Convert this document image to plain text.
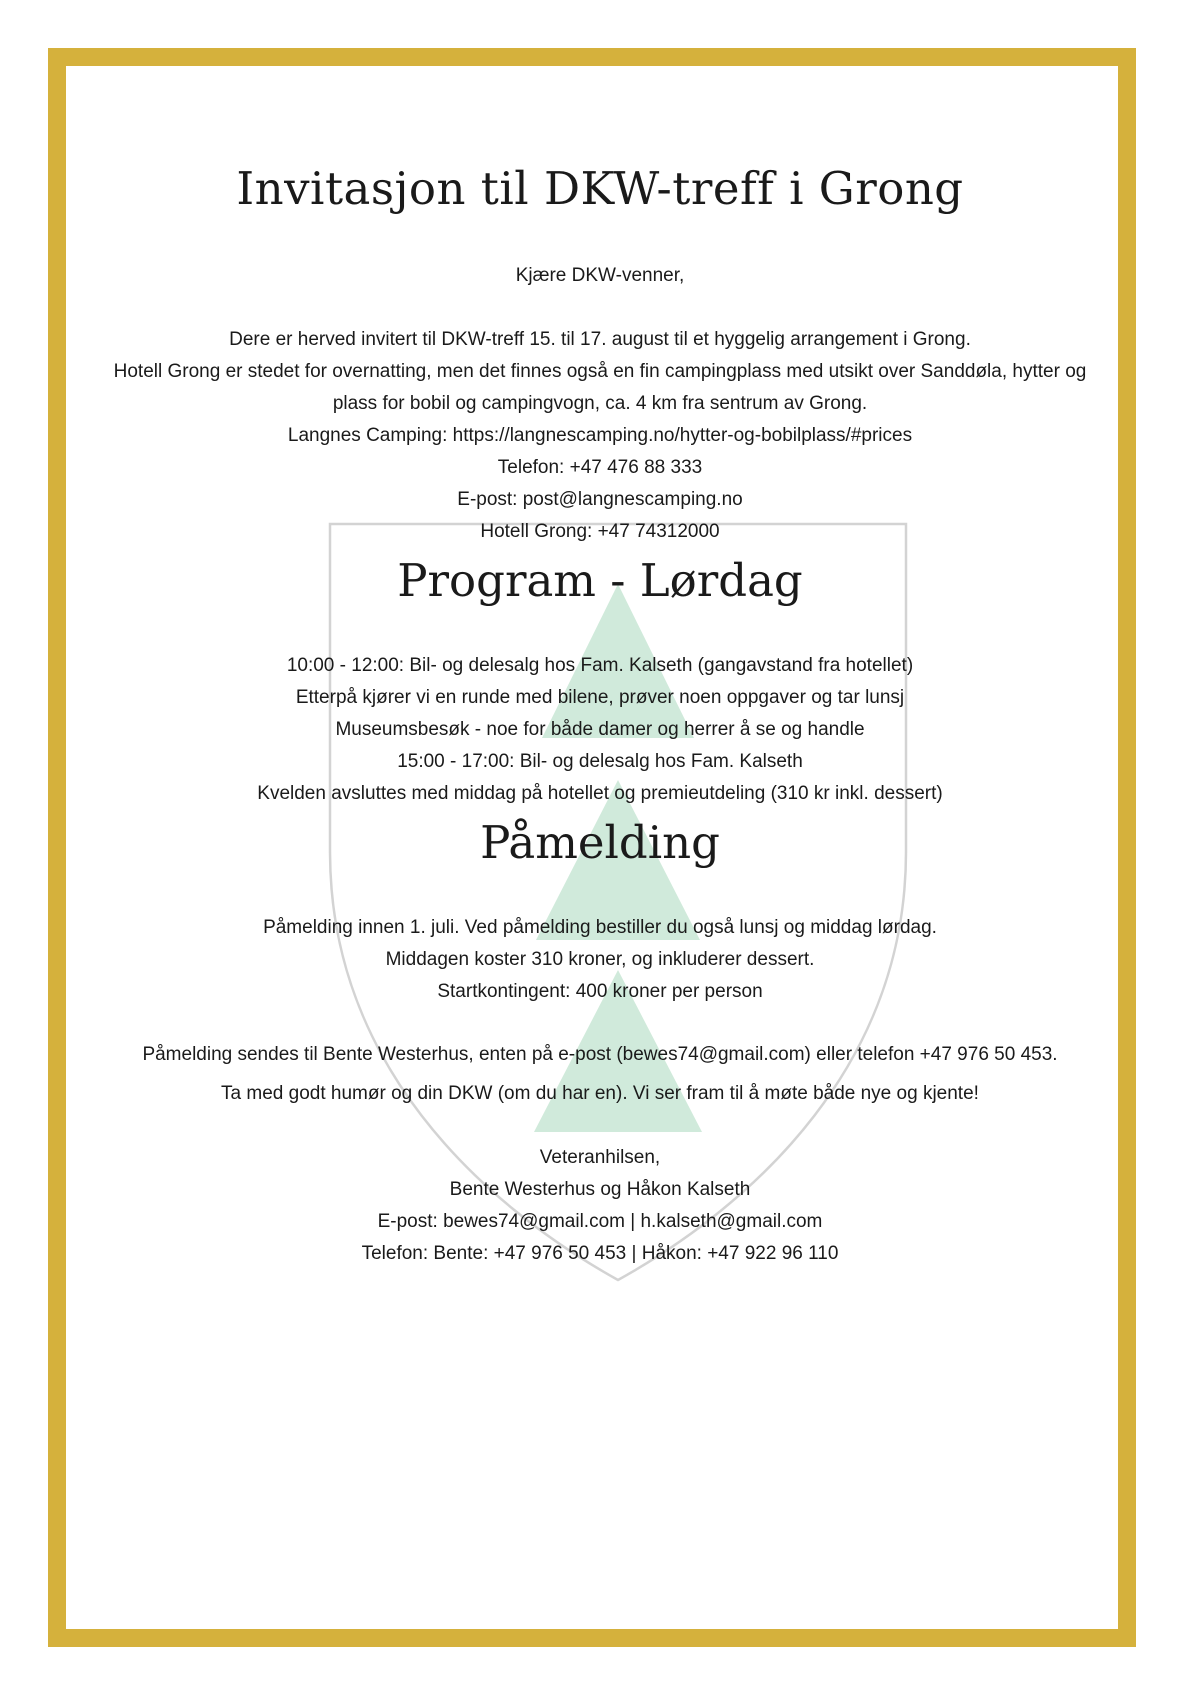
Invitasjon til DKW-treff i Grong

Kjære DKW-venner,

Dere er herved invitert til DKW-treff 15. til 17. august til et hyggelig arrangement i Grong.

Hotell Grong er stedet for overnatting, men det finnes også en fin campingplass med utsikt over Sanddøla, hytter og

plass for bobil og campingvogn, ca. 4 km fra sentrum av Grong.

Langnes Camping: https://langnescamping.no/hytter-og-bobilplass/#prices

Telefon: +47 476 88 333

E-post: post@langnescamping.no

Hotell Grong: +47 74312000

Program - Lørdag

10:00 - 12:00: Bil- og delesalg hos Fam. Kalseth (gangavstand fra hotellet)

Etterpå kjører vi en runde med bilene, prøver noen oppgaver og tar lunsj

Museumsbesøk - noe for både damer og herrer å se og handle

15:00 - 17:00: Bil- og delesalg hos Fam. Kalseth

Kvelden avsluttes med middag på hotellet og premieutdeling (310 kr inkl. dessert)

Påmelding

Påmelding innen 1. juli. Ved påmelding bestiller du også lunsj og middag lørdag.

Middagen koster 310 kroner, og inkluderer dessert.

Startkontingent: 400 kroner per person

Påmelding sendes til Bente Westerhus, enten på e-post (bewes74@gmail.com) eller telefon +47 976 50 453.

Ta med godt humør og din DKW (om du har en). Vi ser fram til å møte både nye og kjente!

Veteranhilsen,

Bente Westerhus og Håkon Kalseth

E-post: bewes74@gmail.com | h.kalseth@gmail.com

Telefon: Bente: +47 976 50 453 | Håkon: +47 922 96 110
